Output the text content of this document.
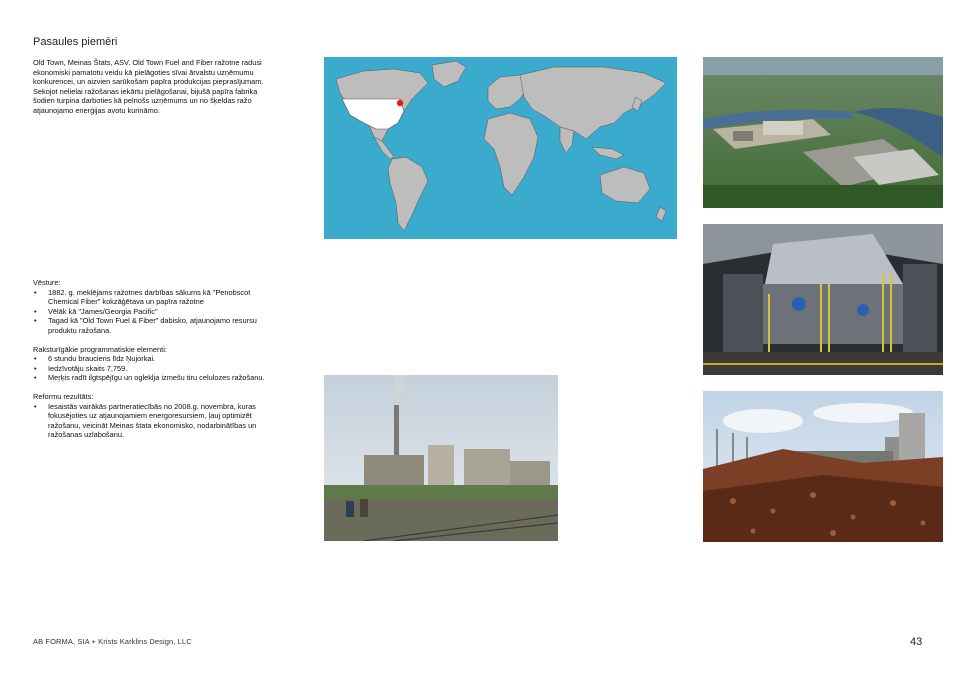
Pasaules piemēri
Old Town, Meinas Štats, ASV. Old Town Fuel and Fiber ražotne radusi ekonomiski pamatotu veidu kā pielāgoties sīvai ārvalstu uzņēmumu konkurencei, un aizvien sarūkošam papīra produkcijas pieprasījumam. Sekojot nelielai ražošanas iekārtu pielāgošanai, bijušā papīra fabrika šodien turpina darboties kā pelnošs uzņēmums un no šķeldas ražo atjaunojamo enerģijas avotu kurināmo.

Vēsture:

• 1882. g. meklējams ražotnes darbības sākums kā "Penobscot Chemical Fiber" kokzāģētava un papīra ražotne
• Vēlāk kā "James/Georgia Pacific"
• Tagad kā "Old Town Fuel & Fiber" dabisko, atjaunojamo resursu produktu ražošana.

Raksturīgākie programmatiskie elementi:

• 6 stundu brauciens līdz Ņujorkai.
• Iedzīvotāju skaits 7,759.
• Meŗķis radīt ilgtspējīgu un ogleklja izmešu tiru celulozes ražošanu.

Reformu rezultāts:

• Iesaistās vairākās partneratiecībās no 2008.g. novembra, kuras fokusējoties uz atjaunojamiem energoresursiem, ļauj optimizēt ražošanu, veicināt Meinas štata ekonomisko, nodarbinātības un ražošanas uzlabošanu.
AB FORMA, SIA + Krists Karklins Design, LLC	43
